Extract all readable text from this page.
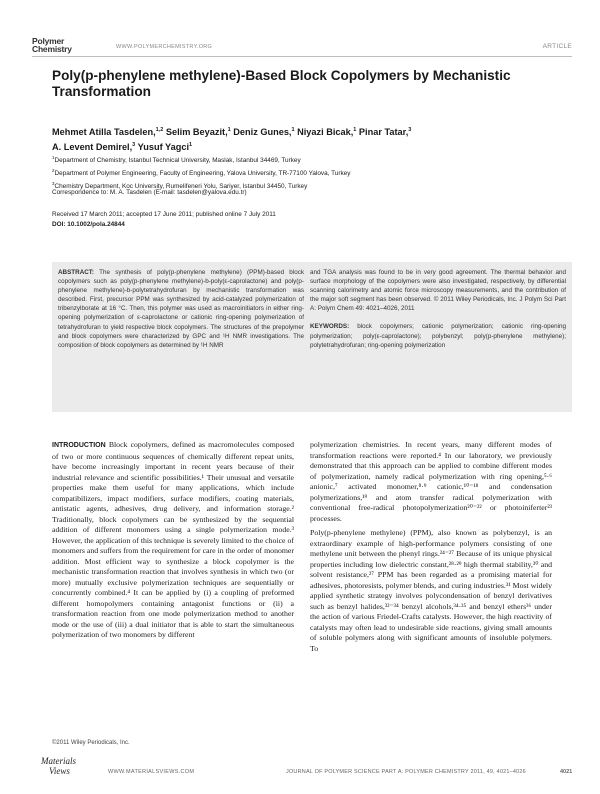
Polymer
Chemistry	WWW.POLYMERCHEMISTRY.ORG	ARTICLE
Poly(p-phenylene methylene)-Based Block Copolymers by Mechanistic Transformation
Mehmet Atilla Tasdelen,$^{1,2}$ Selim Beyazit,$^1$ Deniz Gunes,$^1$ Niyazi Bicak,$^1$ Pinar Tatar,$^3$
A. Levent Demirel,$^3$ Yusuf Yagci$^1$
$^1$Department of Chemistry, Istanbul Technical University, Maslak, Istanbul 34469, Turkey
$^2$Department of Polymer Engineering, Faculty of Engineering, Yalova University, TR-77100 Yalova, Turkey
$^3$Chemistry Department, Koc University, Rumelifeneri Yolu, Sariyer, Istanbul 34450, Turkey
Correspondence to: M. A. Tasdelen (E-mail: tasdelen@yalova.edu.tr)
Received 17 March 2011; accepted 17 June 2011; published online 7 July 2011
DOI: 10.1002/pola.24844
ABSTRACT: The synthesis of poly(p-phenylene methylene) (PPM)-based block copolymers such as poly(p-phenylene methylene)-b-poly(ε-caprolactone) and poly(p-phenylene methylene)-b-polytetrahydrofuran by mechanistic transformation was described. First, precursor PPM was synthesized by acid-catalyzed polymerization of tribenzylborate at 16 °C. Then, this polymer was used as macroinitiators in either ring-opening polymerization of ε-caprolactone or cationic ring-opening polymerization of tetrahydrofuran to yield respective block copolymers. The structures of the prepolymer and block copolymers were characterized by GPC and ¹H NMR investigations. The composition of block copolymers as determined by ¹H NMR
and TGA analysis was found to be in very good agreement. The thermal behavior and surface morphology of the copolymers were also investigated, respectively, by differential scanning calorimetry and atomic force microscopy measurements, and the contribution of the major soft segment has been observed. © 2011 Wiley Periodicals, Inc. J Polym Sci Part A: Polym Chem 49: 4021–4026, 2011
KEYWORDS: block copolymers; cationic polymerization; cationic ring-opening polymerization; poly(ε-caprolactone); polybenzyl; poly(p-phenylene methylene); polytetrahydrofuran; ring-opening polymerization

INTRODUCTION Block copolymers, defined as macromolecules composed of two or more continuous sequences of chemically different repeat units, have become increasingly important in recent years because of their industrial relevance and scientific possibilities.¹ Their unusual and versatile properties make them useful for many applications, which include compatibilizers, impact modifiers, surface modifiers, coating materials, antistatic agents, adhesives, drug delivery, and information storage.² Traditionally, block copolymers can be synthesized by the sequential addition of different monomers using a single polymerization mode.³ However, the application of this technique is severely limited to the choice of monomers and suffers from the requirement for care in the order of monomer addition. Most efficient way to synthesize a block copolymer is the mechanistic transformation reaction that involves synthesis in which two (or more) mutually exclusive polymerization techniques are sequentially or concurrently combined.⁴ It can be applied by (i) a coupling of preformed different homopolymers containing antagonist functions or (ii) a transformation reaction from one mode polymerization method to another mode or the use of (iii) a dual initiator that is able to start the simultaneous polymerization of two monomers by different

polymerization chemistries. In recent years, many different modes of transformation reactions were reported.⁴ In our laboratory, we previously demonstrated that this approach can be applied to combine different modes of polymerization, namely radical polymerization with ring opening,⁵·⁶ anionic,⁷ activated monomer,⁸·⁹ cationic,¹⁰⁻¹⁸ and condensation polymerizations,¹⁹ and atom transfer radical polymerization with conventional free-radical photopolymerization²⁰⁻²² or photoiniferter²³ processes.

Poly(p-phenylene methylene) (PPM), also known as polybenzyl, is an extraordinary example of high-performance polymers consisting of one methylene unit between the phenyl rings.²⁴⁻²⁷ Because of its unique physical properties including low dielectric constant,²⁸·²⁹ high thermal stability,³⁰ and solvent resistance,²⁷ PPM has been regarded as a promising material for adhesives, photoresists, polymer blends, and curing industries.³¹ Most widely applied synthetic strategy involves polycondensation of benzyl derivatives such as benzyl halides,³²⁻³⁴ benzyl alcohols,³⁴·³⁵ and benzyl ethers³⁶ under the action of various Friedel-Crafts catalysts. However, the high reactivity of catalysts may often lead to undesirable side reactions, giving small amounts of soluble polymers along with significant amounts of insoluble polymers. To

©2011 Wiley Periodicals, Inc.
Materials
Views	WWW.MATERIALSVIEWS.COM	JOURNAL OF POLYMER SCIENCE PART A: POLYMER CHEMISTRY 2011, 49, 4021–4026	4021
